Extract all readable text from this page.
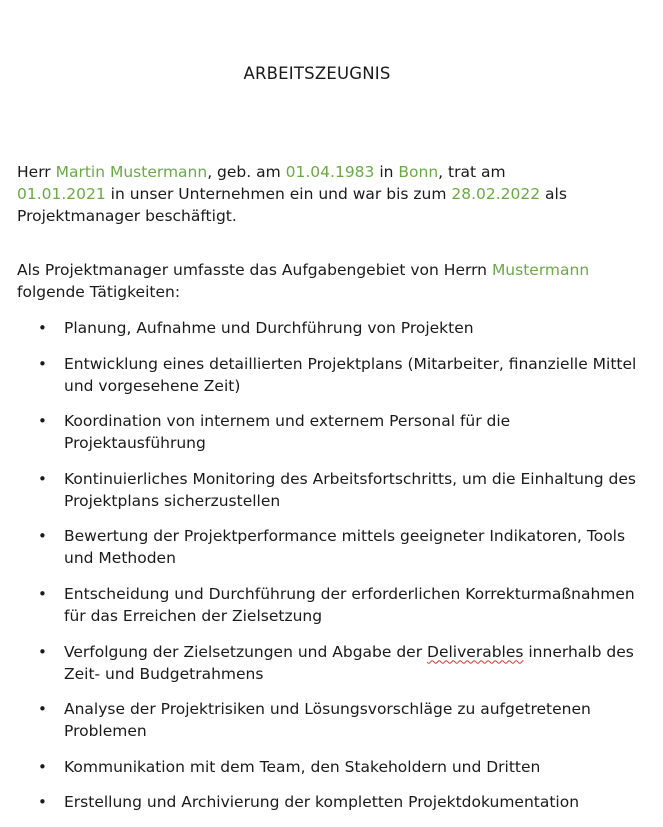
ARBEITSZEUGNIS

Herr Martin Mustermann, geb. am 01.04.1983 in Bonn, trat am
01.01.2021 in unser Unternehmen ein und war bis zum 28.02.2022 als Projektmanager beschäftigt.

Als Projektmanager umfasste das Aufgabengebiet von Herrn Mustermann
folgende Tätigkeiten:

• Planung, Aufnahme und Durchführung von Projekten
• Entwicklung eines detaillierten Projektplans (Mitarbeiter, finanzielle Mittel und vorgesehene Zeit)
• Koordination von internem und externem Personal für die Projektausführung
• Kontinuierliches Monitoring des Arbeitsfortschritts, um die Einhaltung des Projektplans sicherzustellen
• Bewertung der Projektperformance mittels geeigneter Indikatoren, Tools und Methoden
• Entscheidung und Durchführung der erforderlichen Korrekturmaßnahmen für das Erreichen der Zielsetzung
• Verfolgung der Zielsetzungen und Abgabe der Deliverables innerhalb des Zeit- und Budgetrahmens
• Analyse der Projektrisiken und Lösungsvorschläge zu aufgetretenen Problemen
• Kommunikation mit dem Team, den Stakeholdern und Dritten
• Erstellung und Archivierung der kompletten Projektdokumentation
